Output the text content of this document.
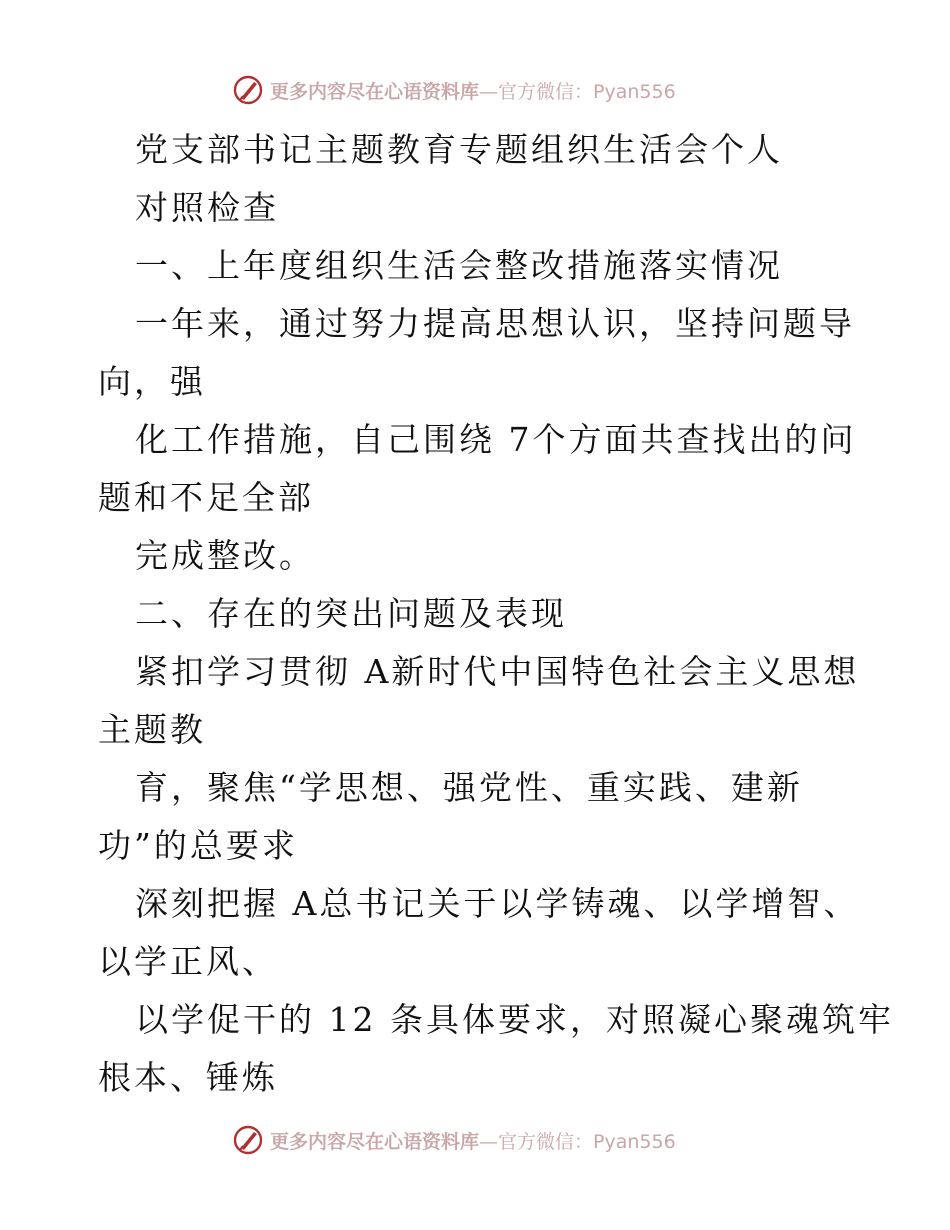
更多内容尽在心语资料库—官方微信：Pyan556
党支部书记主题教育专题组织生活会个人
对照检查
一、上年度组织生活会整改措施落实情况
一年来，通过努力提高思想认识，坚持问题导
向，强
化工作措施，自己围绕 7个方面共查找出的问
题和不足全部
完成整改。
二、存在的突出问题及表现
紧扣学习贯彻 A新时代中国特色社会主义思想
主题教
育，聚焦“学思想、强党性、重实践、建新
功”的总要求
深刻把握 A总书记关于以学铸魂、以学增智、
以学正风、
以学促干的 12 条具体要求，对照凝心聚魂筑牢
根本、锤炼
更多内容尽在心语资料库—官方微信：Pyan556
